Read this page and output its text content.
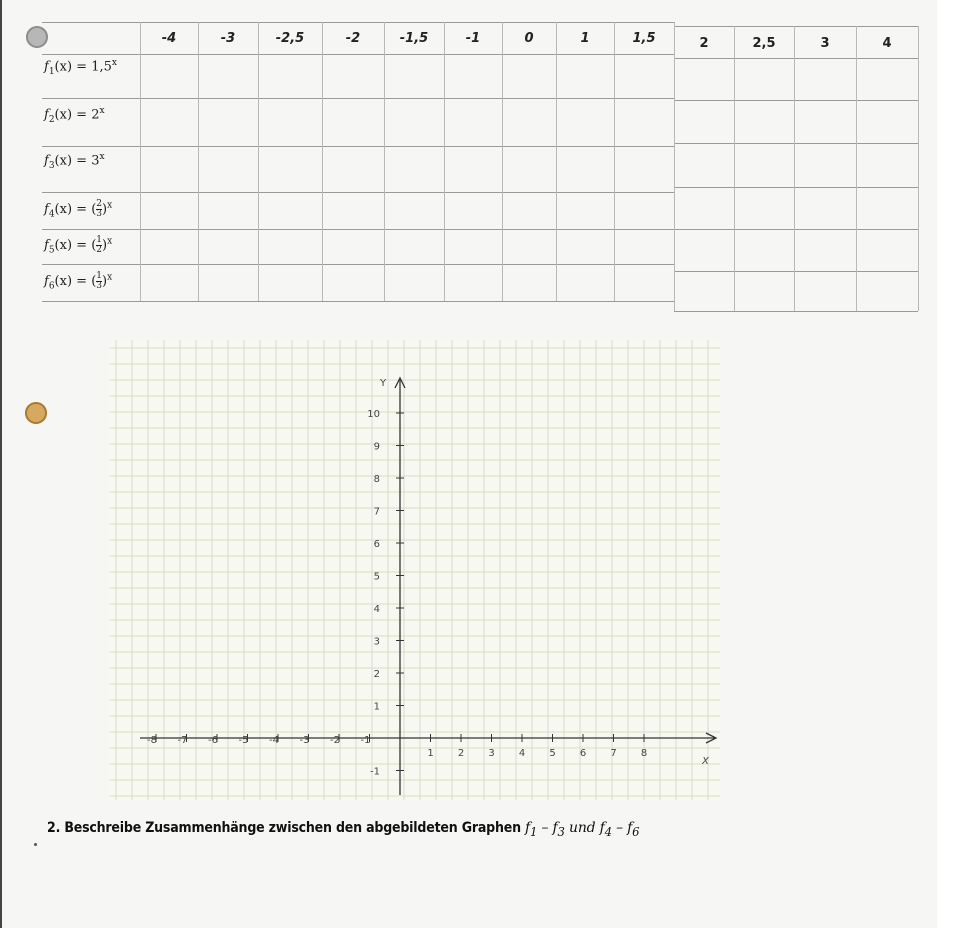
-4	-3	-2,5	-2	-1,5	-1	0	1	1,5	2	2,5	3	4
$f_1(x) = 1,5^x$
$f_2(x) = 2^x$
$f_3(x) = 3^x$
$f_4(x)$ = ( 2
3 )$^x$
$f_5(x)$ = ( 1
2 )$^x$
$f_6(x)$ = ( 1
3 )$^x$
Y
X
10
9
8
7
6
5
4
3
2
1
-1
-8 -7 -6 -5 -4 -3 -2 -1
1 2 3 4 5 6 7 8
2. Beschreibe Zusammenhänge zwischen den abgebildeten Graphen $f_1 - f_3$ und $f_4 - f_6$
